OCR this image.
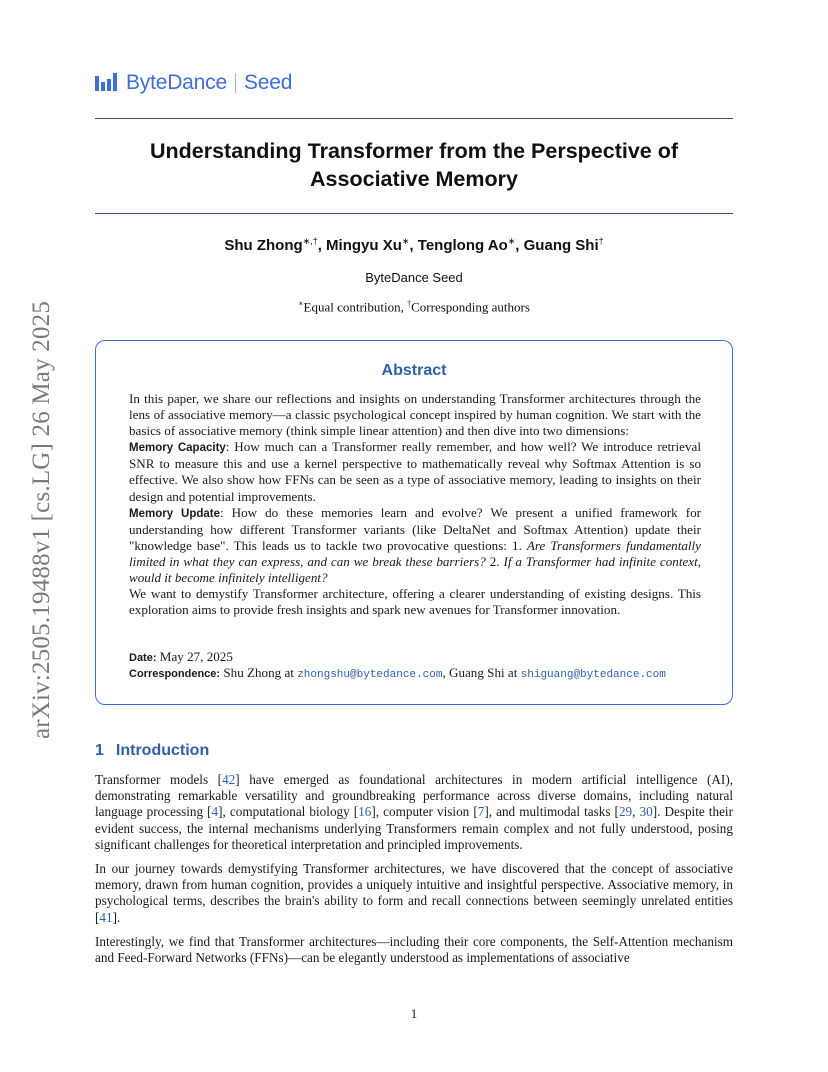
arXiv:2505.19488v1 [cs.LG] 26 May 2025
ByteDance Seed
Understanding Transformer from the Perspective of
Associative Memory
Shu Zhong∗,†, Mingyu Xu∗, Tenglong Ao∗, Guang Shi†
ByteDance Seed
∗Equal contribution, †Corresponding authors
Abstract

In this paper, we share our reflections and insights on understanding Transformer architectures through the lens of associative memory—a classic psychological concept inspired by human cognition. We start with the basics of associative memory (think simple linear attention) and then dive into two dimensions:

Memory Capacity: How much can a Transformer really remember, and how well? We introduce retrieval SNR to measure this and use a kernel perspective to mathematically reveal why Softmax Attention is so effective. We also show how FFNs can be seen as a type of associative memory, leading to insights on their design and potential improvements.

Memory Update: How do these memories learn and evolve? We present a unified framework for understanding how different Transformer variants (like DeltaNet and Softmax Attention) update their "knowledge base". This leads us to tackle two provocative questions: 1. Are Transformers fundamentally limited in what they can express, and can we break these barriers? 2. If a Transformer had infinite context, would it become infinitely intelligent?

We want to demystify Transformer architecture, offering a clearer understanding of existing designs. This exploration aims to provide fresh insights and spark new avenues for Transformer innovation.

Date: May 27, 2025
Correspondence: Shu Zhong at zhongshu@bytedance.com, Guang Shi at shiguang@bytedance.com
1 Introduction

Transformer models [42] have emerged as foundational architectures in modern artificial intelligence (AI), demonstrating remarkable versatility and groundbreaking performance across diverse domains, including natural language processing [4], computational biology [16], computer vision [7], and multimodal tasks [29, 30]. Despite their evident success, the internal mechanisms underlying Transformers remain complex and not fully understood, posing significant challenges for theoretical interpretation and principled improvements.

In our journey towards demystifying Transformer architectures, we have discovered that the concept of associative memory, drawn from human cognition, provides a uniquely intuitive and insightful perspective. Associative memory, in psychological terms, describes the brain's ability to form and recall connections between seemingly unrelated entities [41].

Interestingly, we find that Transformer architectures—including their core components, the Self-Attention mechanism and Feed-Forward Networks (FFNs)—can be elegantly understood as implementations of associative

1
